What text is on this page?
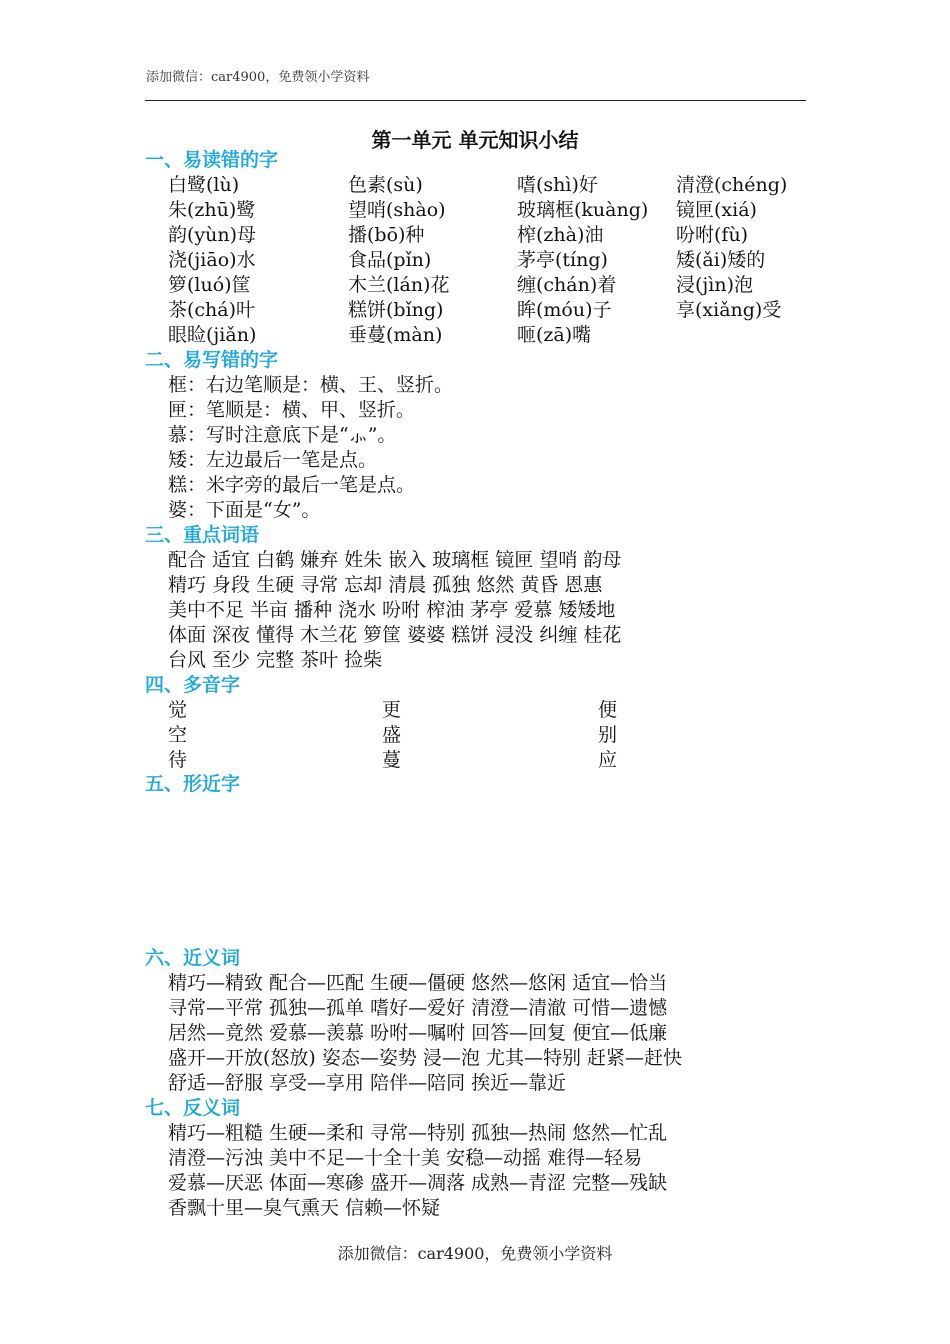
添加微信：car4900，免费领小学资料
第一单元 单元知识小结
一、易读错的字
白鹭(lù)	色素(sù)	嗜(shì)好	清澄(chéng)
朱(zhū)鹭	望哨(shào)	玻璃框(kuàng) 镜匣(xiá)
韵(yùn)母	播(bō)种	榨(zhà)油	吩咐(fù)
浇(jiāo)水	食品(pǐn)	茅亭(tíng)	矮(ǎi)矮的
箩(luó)筐	木兰(lán)花	缠(chán)着	浸(jìn)泡
茶(chá)叶	糕饼(bǐng)	眸(móu)子	享(xiǎng)受
眼睑(jiǎn)	垂蔓(màn)	咂(zā)嘴
二、易写错的字
框：右边笔顺是：横、王、竖折。
匣：笔顺是：横、甲、竖折。
慕：写时注意底下是“⺗”。
矮：左边最后一笔是点。
糕：米字旁的最后一笔是点。
婆：下面是“女”。
三、重点词语
配合 适宜 白鹤 嫌弃 姓朱 嵌入 玻璃框 镜匣 望哨 韵母
精巧 身段 生硬 寻常 忘却 清晨 孤独 悠然 黄昏 恩惠
美中不足 半亩 播种 浇水 吩咐 榨油 茅亭 爱慕 矮矮地
体面 深夜 懂得 木兰花 箩筐 婆婆 糕饼 浸没 纠缠 桂花
台风 至少 完整 茶叶 捡柴
四、多音字
觉	更	便
空	盛	别
待	蔓	应
五、形近字
六、近义词
精巧—精致 配合—匹配 生硬—僵硬 悠然—悠闲 适宜—恰当
寻常—平常 孤独—孤单 嗜好—爱好 清澄—清澈 可惜—遗憾
居然—竟然 爱慕—羡慕 吩咐—嘱咐 回答—回复 便宜—低廉
盛开—开放(怒放) 姿态—姿势 浸—泡 尤其—特别 赶紧—赶快
舒适—舒服 享受—享用 陪伴—陪同 挨近—靠近
七、反义词
精巧—粗糙 生硬—柔和 寻常—特别 孤独—热闹 悠然—忙乱
清澄—污浊 美中不足—十全十美 安稳—动摇 难得—轻易
爱慕—厌恶 体面—寒碜 盛开—凋落 成熟—青涩 完整—残缺
香飘十里—臭气熏天 信赖—怀疑
添加微信：car4900，免费领小学资料
